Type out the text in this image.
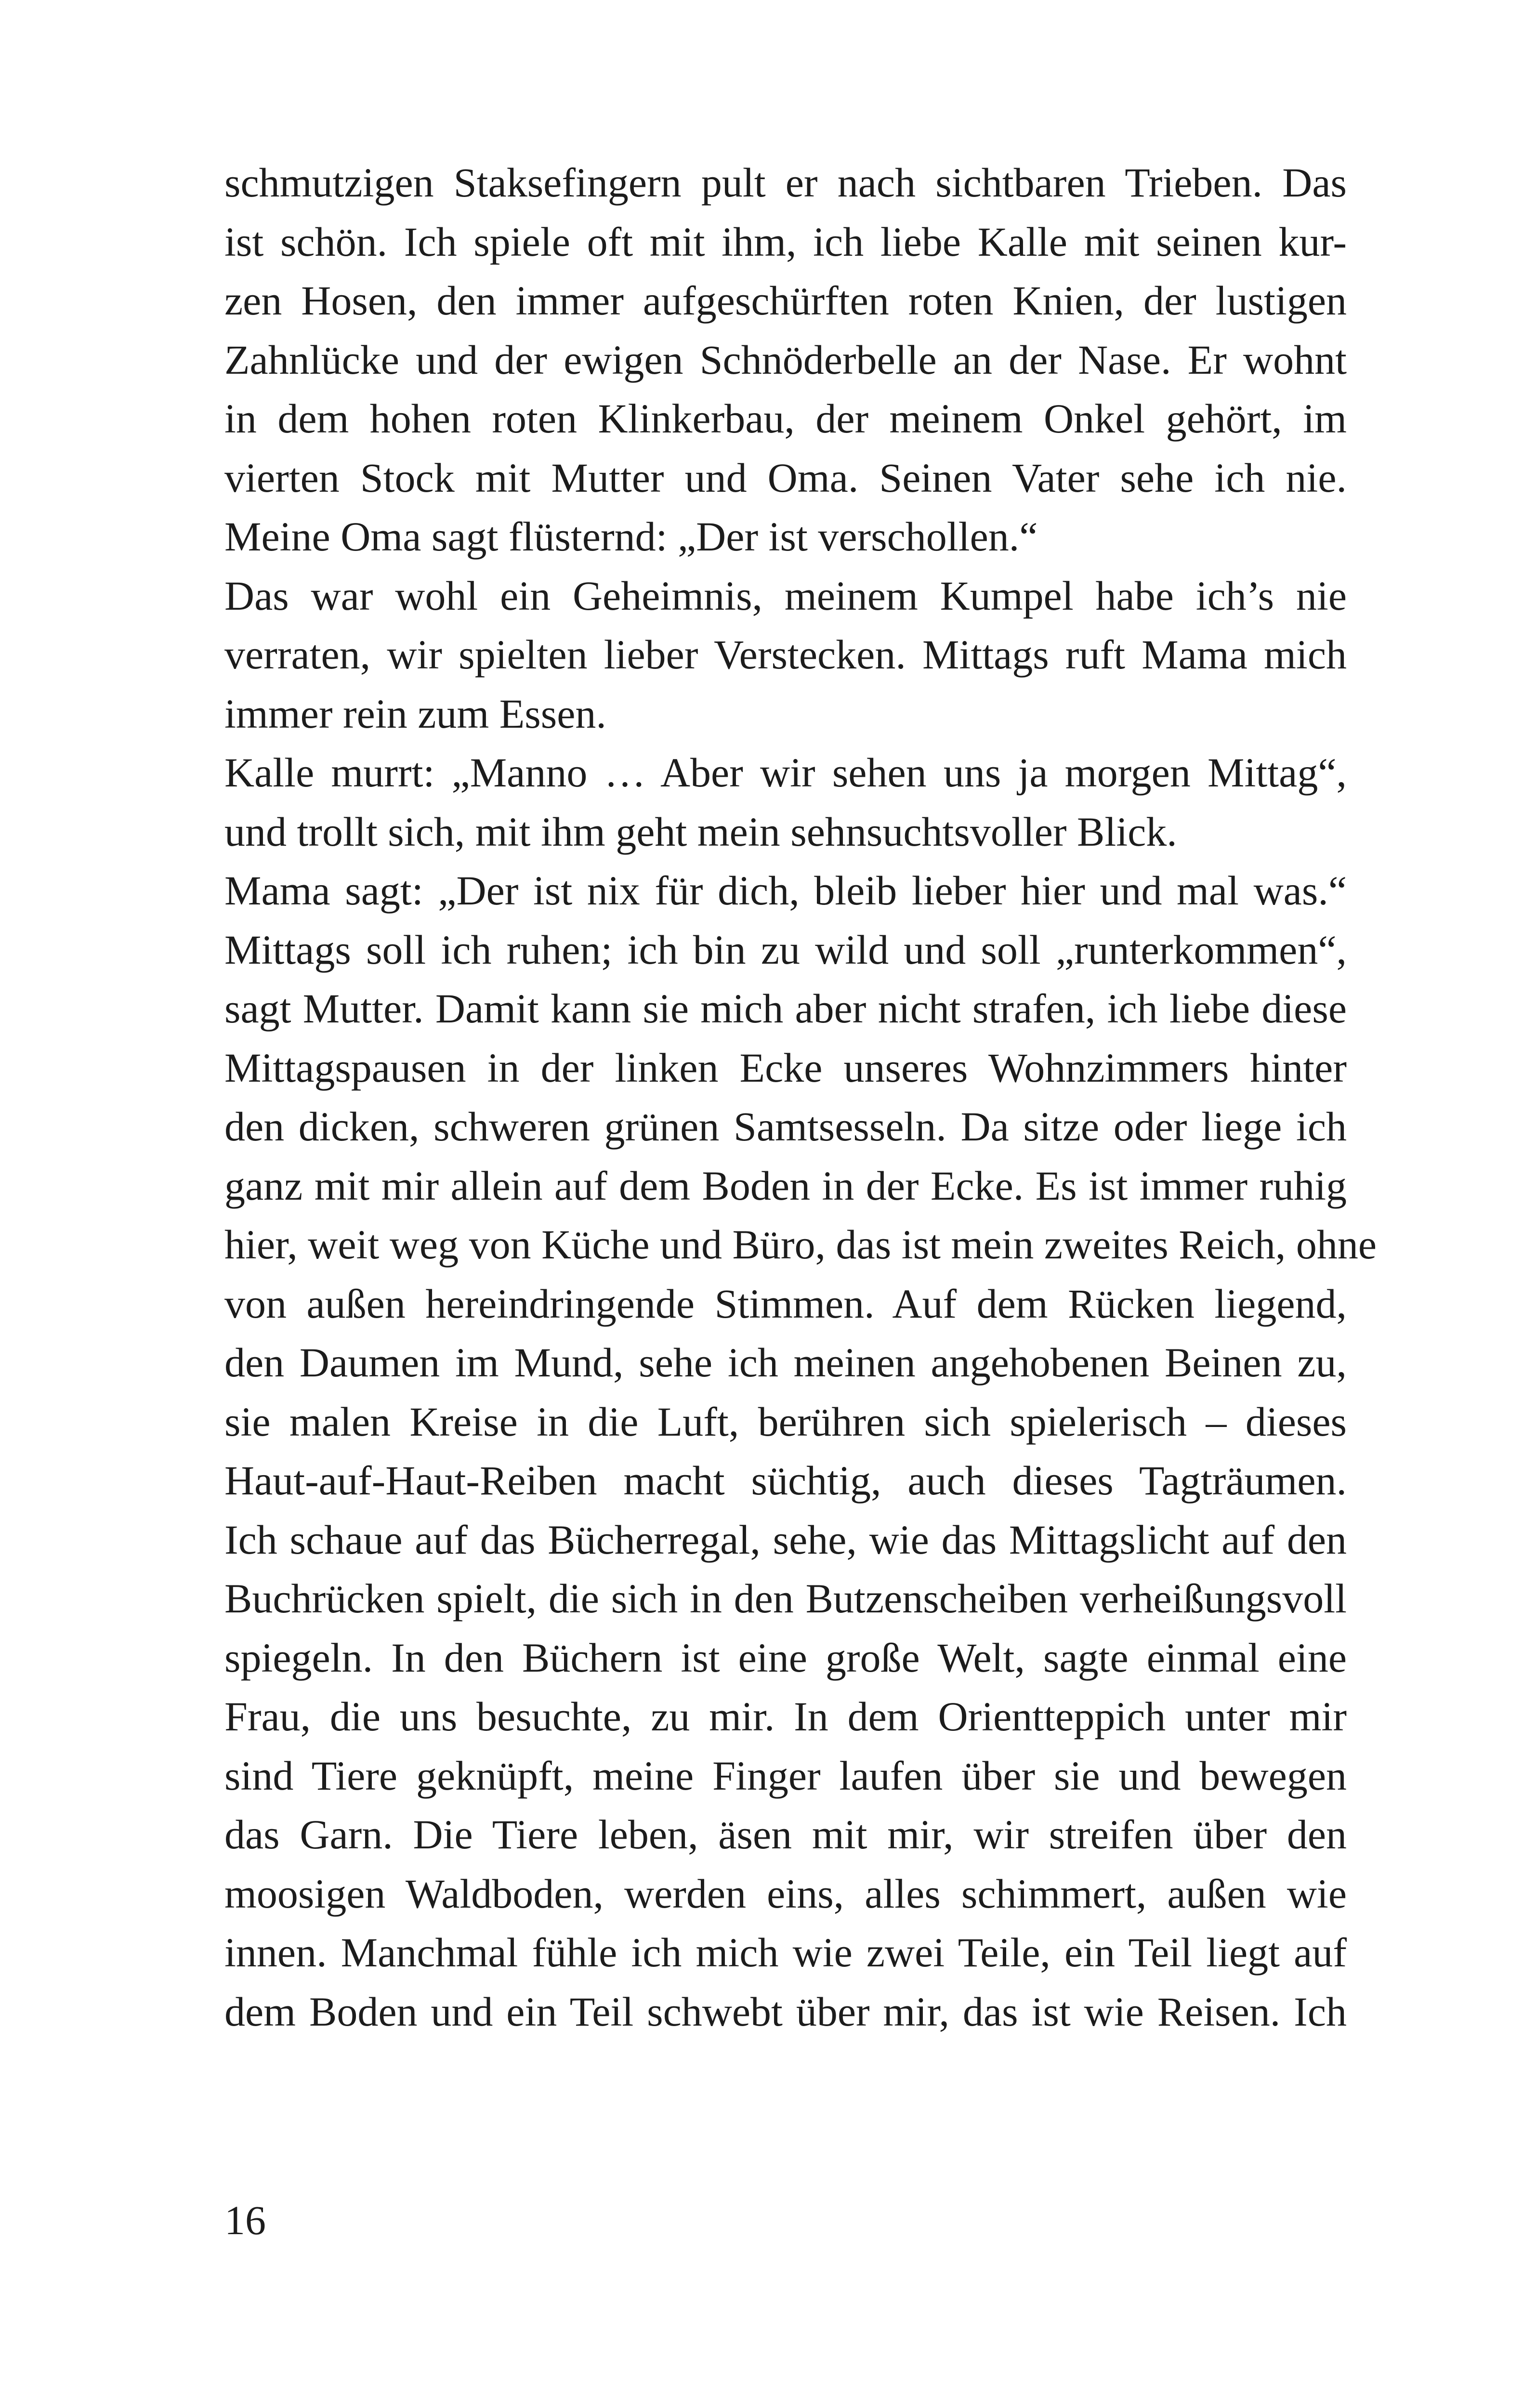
schmutzigen Staksefingern pult er nach sichtbaren Trieben. Das
ist schön. Ich spiele oft mit ihm, ich liebe Kalle mit seinen kur-
zen Hosen, den immer aufgeschürften roten Knien, der lustigen
Zahnlücke und der ewigen Schnöderbelle an der Nase. Er wohnt
in dem hohen roten Klinkerbau, der meinem Onkel gehört, im
vierten Stock mit Mutter und Oma. Seinen Vater sehe ich nie.
Meine Oma sagt flüsternd: „Der ist verschollen.“
Das war wohl ein Geheimnis, meinem Kumpel habe ich’s nie
verraten, wir spielten lieber Verstecken. Mittags ruft Mama mich
immer rein zum Essen.
Kalle murrt: „Manno … Aber wir sehen uns ja morgen Mittag“,
und trollt sich, mit ihm geht mein sehnsuchtsvoller Blick.
Mama sagt: „Der ist nix für dich, bleib lieber hier und mal was.“
Mittags soll ich ruhen; ich bin zu wild und soll „runterkommen“,
sagt Mutter. Damit kann sie mich aber nicht strafen, ich liebe diese
Mittagspausen in der linken Ecke unseres Wohnzimmers hinter
den dicken, schweren grünen Samtsesseln. Da sitze oder liege ich
ganz mit mir allein auf dem Boden in der Ecke. Es ist immer ruhig
hier, weit weg von Küche und Büro, das ist mein zweites Reich, ohne
von außen hereindringende Stimmen. Auf dem Rücken liegend,
den Daumen im Mund, sehe ich meinen angehobenen Beinen zu,
sie malen Kreise in die Luft, berühren sich spielerisch – dieses
Haut-auf-Haut-Reiben macht süchtig, auch dieses Tagträumen.
Ich schaue auf das Bücherregal, sehe, wie das Mittagslicht auf den
Buchrücken spielt, die sich in den Butzenscheiben verheißungsvoll
spiegeln. In den Büchern ist eine große Welt, sagte einmal eine
Frau, die uns besuchte, zu mir. In dem Orientteppich unter mir
sind Tiere geknüpft, meine Finger laufen über sie und bewegen
das Garn. Die Tiere leben, äsen mit mir, wir streifen über den
moosigen Waldboden, werden eins, alles schimmert, außen wie
innen. Manchmal fühle ich mich wie zwei Teile, ein Teil liegt auf
dem Boden und ein Teil schwebt über mir, das ist wie Reisen. Ich
16
